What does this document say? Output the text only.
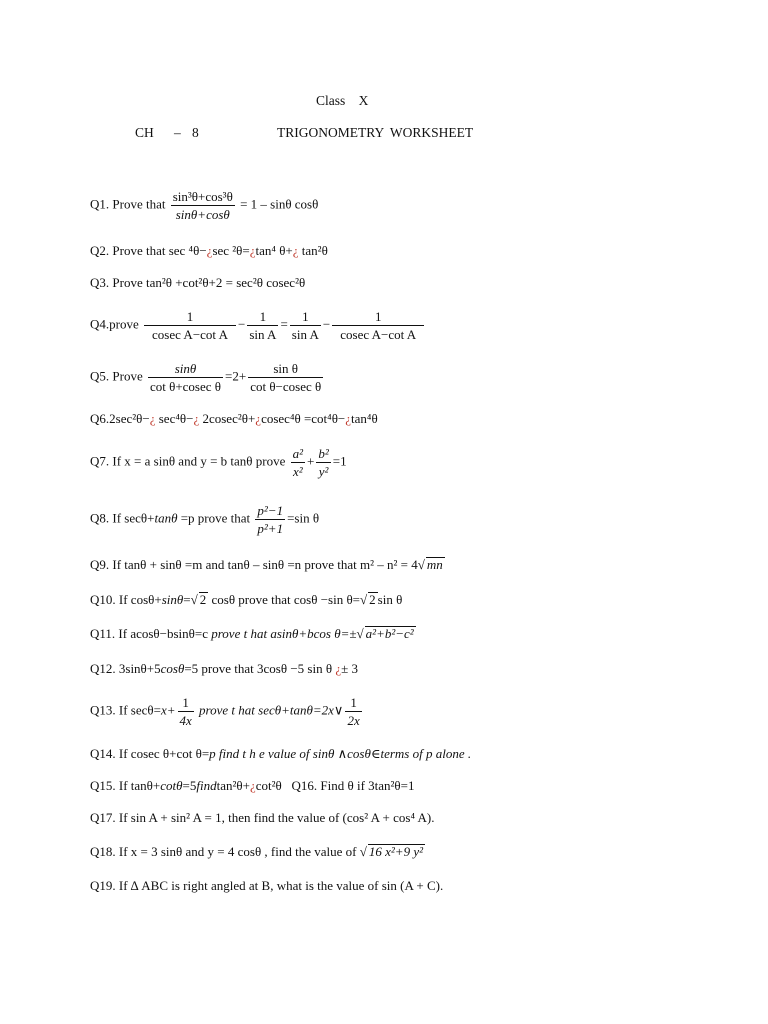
Class X
CH – 8	TRIGONOMETRY WORKSHEET
Q1. Prove that $\frac{\text{sin³θ+cos³θ}}{\sin\theta+\cos\theta} = 1 - \sin\theta$ cosθ
Q2. Prove that sec ⁴θ−¿sec ²θ=¿tan⁴ θ+¿ tan²θ
Q3. Prove tan²θ +cot²θ+2 = sec²θ cosec²θ
Q4.prove $\frac{1}{\text{cosec A−cot A}} - \frac{1}{\text{sin A}} = \frac{1}{\text{sin A}} - \frac{1}{\text{cosec A−cot A}}$
Q5. Prove $\frac{\sin\theta}{\text{cot θ+cosec θ}} =2+ \frac{\text{sin θ}}{\text{cot θ−cosec θ}}$
Q6.2sec²θ−¿ sec⁴θ−¿ 2cosec²θ+¿cosec⁴θ =cot⁴θ−¿tan⁴θ
Q7. If x = a sinθ and y = b tanθ prove $\frac{\text{a²}}{\text{x²}} + \frac{\text{b²}}{\text{y²}} =1$
Q8. If secθ+tanθ =p prove that $\frac{\text{p²−1}}{\text{p²+1}} =\sin$ θ
Q9. If tanθ + sinθ =m and tanθ – sinθ =n prove that m² – n² = 4√ mn
Q10. If cosθ+sinθ=√ 2 cosθ prove that cosθ −sin θ=√ 2 sin θ
Q11. If acosθ−bsinθ=c prove t hat asinθ+bcos θ=±√ a²+b²−c²
Q12. 3sinθ+5cosθ=5 prove that 3cosθ −5 sin θ ¿± 3
Q13. If $\sec\theta=x+ \frac{1}{4x}$ prove t hat secθ+tanθ=2x∨ $\frac{1}{2x}$
Q14. If cosec θ+cot θ=p find t h e value of sinθ ∧cosθ∈terms of p alone .
Q15. If tanθ+cotθ=5findtan²θ+¿cot²θ Q16. Find θ if 3tan²θ=1
Q17. If sin A + sin² A = 1, then find the value of (cos² A + cos⁴ A).
Q18. If x = 3 sinθ and y = 4 cosθ , find the value of √ 16 x²+9 y²
Q19. If ∆ ABC is right angled at B, what is the value of sin (A + C).
